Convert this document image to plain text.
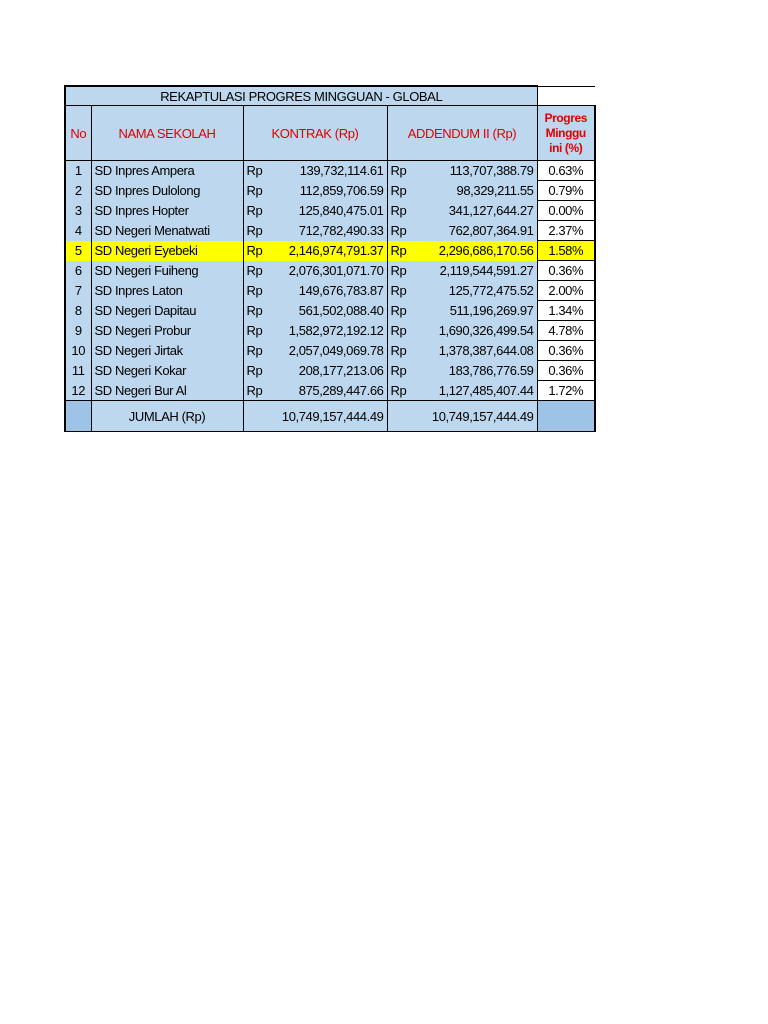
REKAPTULASI PROGRES MINGGUAN - GLOBAL						
No	NAMA SEKOLAH	KONTRAK (Rp)		ADDENDUM II (Rp)		Progres Minggu ini (%)
1	SD Inpres Ampera	Rp	139,732,114.61	Rp	113,707,388.79	0.63%
2	SD Inpres Dulolong	Rp	112,859,706.59	Rp	98,329,211.55	0.79%
3	SD Inpres Hopter	Rp	125,840,475.01	Rp	341,127,644.27	0.00%
4	SD Negeri Menatwati	Rp	712,782,490.33	Rp	762,807,364.91	2.37%
5	SD Negeri Eyebeki	Rp	2,146,974,791.37	Rp	2,296,686,170.56	1.58%
6	SD Negeri Fuiheng	Rp	2,076,301,071.70	Rp	2,119,544,591.27	0.36%
7	SD Inpres Laton	Rp	149,676,783.87	Rp	125,772,475.52	2.00%
8	SD Negeri Dapitau	Rp	561,502,088.40	Rp	511,196,269.97	1.34%
9	SD Negeri Probur	Rp	1,582,972,192.12	Rp	1,690,326,499.54	4.78%
10	SD Negeri Jirtak	Rp	2,057,049,069.78	Rp	1,378,387,644.08	0.36%
11	SD Negeri Kokar	Rp	208,177,213.06	Rp	183,786,776.59	0.36%
12	SD Negeri Bur Al	Rp	875,289,447.66	Rp	1,127,485,407.44	1.72%
	JUMLAH (Rp)	10,749,157,444.49		10,749,157,444.49		
